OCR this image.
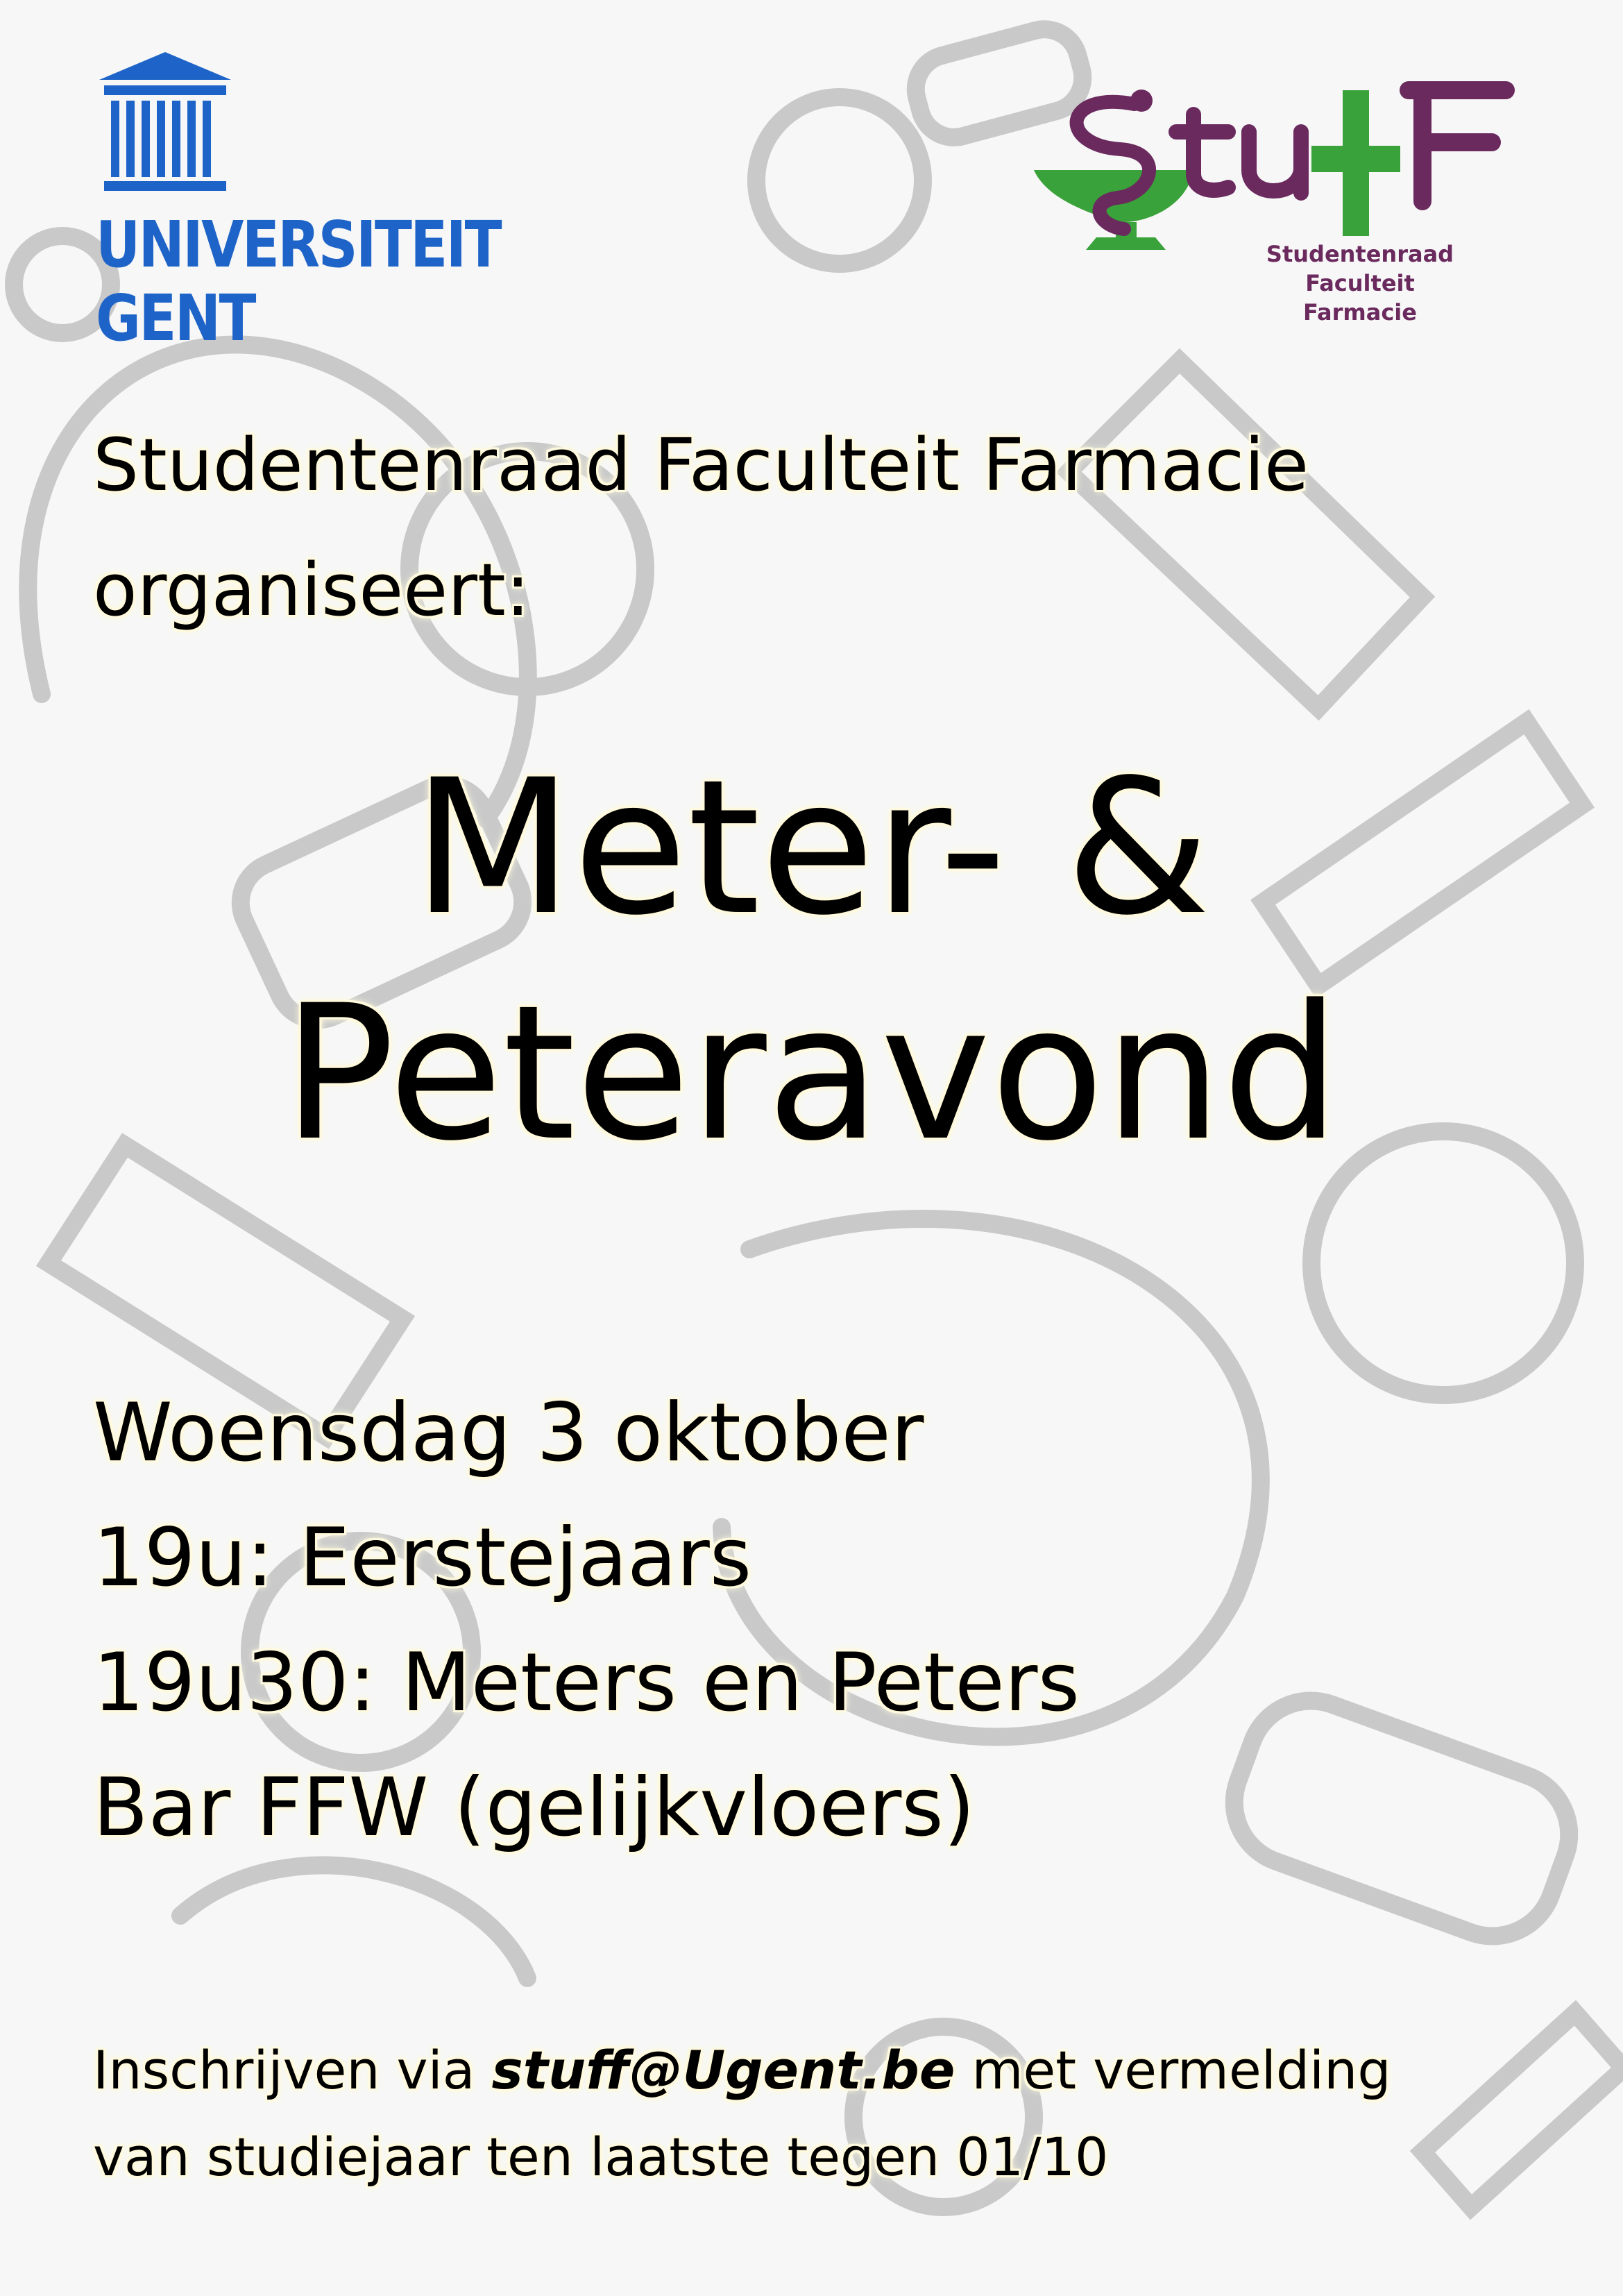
UNIVERSITEIT
GENT

Studentenraad
Faculteit Farmacie

Studentenraad Faculteit Farmacie
organiseert:

Meter- &
Peteravond
Woensdag 3 oktober
19u: Eerstejaars
19u30: Meters en Peters
Bar FFW (gelijkvloers)

Inschrijven via stuff@Ugent.be met vermelding
van studiejaar ten laatste tegen 01/10
